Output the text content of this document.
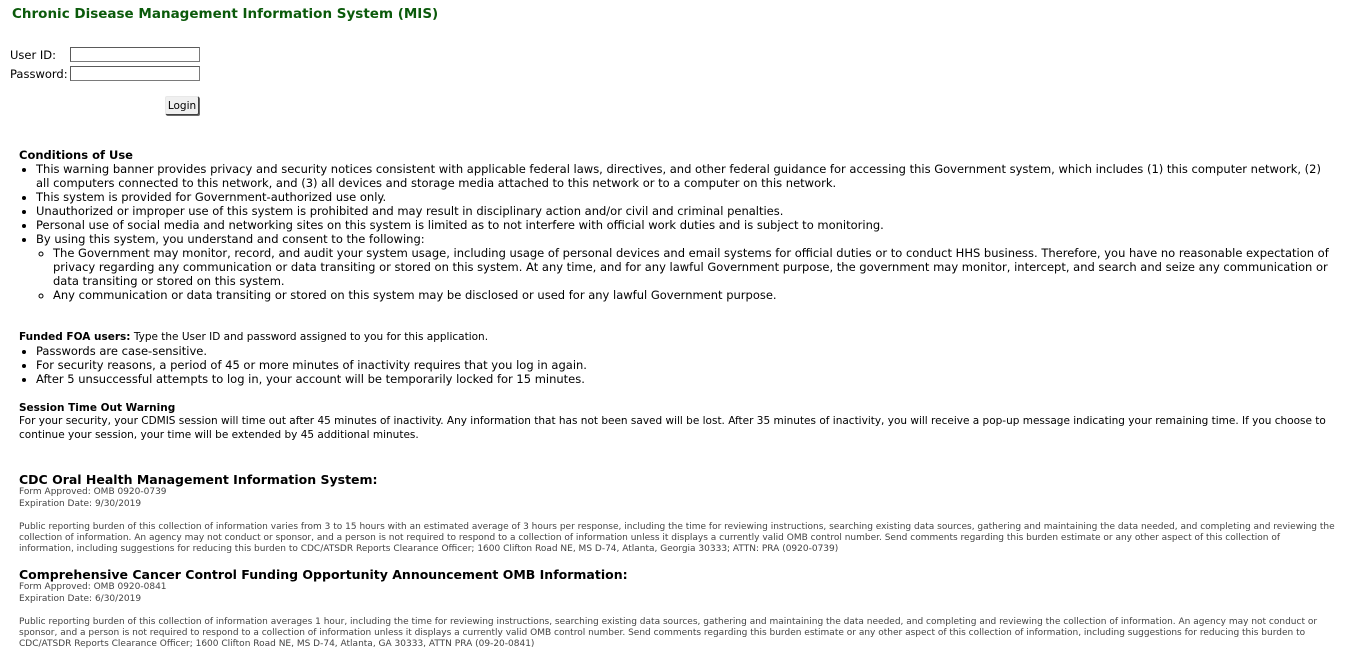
Chronic Disease Management Information System (MIS)
User ID:
Password:
Login
Conditions of Use
• This warning banner provides privacy and security notices consistent with applicable federal laws, directives, and other federal guidance for accessing this Government system, which includes (1) this computer network, (2) all computers connected to this network, and (3) all devices and storage media attached to this network or to a computer on this network.
• This system is provided for Government-authorized use only.
• Unauthorized or improper use of this system is prohibited and may result in disciplinary action and/or civil and criminal penalties.
• Personal use of social media and networking sites on this system is limited as to not interfere with official work duties and is subject to monitoring.
• By using this system, you understand and consent to the following:
◦ The Government may monitor, record, and audit your system usage, including usage of personal devices and email systems for official duties or to conduct HHS business. Therefore, you have no reasonable expectation of privacy regarding any communication or data transiting or stored on this system. At any time, and for any lawful Government purpose, the government may monitor, intercept, and search and seize any communication or data transiting or stored on this system.
◦ Any communication or data transiting or stored on this system may be disclosed or used for any lawful Government purpose.
Funded FOA users: Type the User ID and password assigned to you for this application.
• Passwords are case-sensitive.
• For security reasons, a period of 45 or more minutes of inactivity requires that you log in again.
• After 5 unsuccessful attempts to log in, your account will be temporarily locked for 15 minutes.
Session Time Out Warning
For your security, your CDMIS session will time out after 45 minutes of inactivity. Any information that has not been saved will be lost. After 35 minutes of inactivity, you will receive a pop-up message indicating your remaining time. If you choose to continue your session, your time will be extended by 45 additional minutes.
CDC Oral Health Management Information System:
Form Approved: OMB 0920-0739
Expiration Date: 9/30/2019
Public reporting burden of this collection of information varies from 3 to 15 hours with an estimated average of 3 hours per response, including the time for reviewing instructions, searching existing data sources, gathering and maintaining the data needed, and completing and reviewing the collection of information. An agency may not conduct or sponsor, and a person is not required to respond to a collection of information unless it displays a currently valid OMB control number. Send comments regarding this burden estimate or any other aspect of this collection of information, including suggestions for reducing this burden to CDC/ATSDR Reports Clearance Officer; 1600 Clifton Road NE, MS D-74, Atlanta, Georgia 30333; ATTN: PRA (0920-0739)
Comprehensive Cancer Control Funding Opportunity Announcement OMB Information:
Form Approved: OMB 0920-0841
Expiration Date: 6/30/2019
Public reporting burden of this collection of information averages 1 hour, including the time for reviewing instructions, searching existing data sources, gathering and maintaining the data needed, and completing and reviewing the collection of information. An agency may not conduct or sponsor, and a person is not required to respond to a collection of information unless it displays a currently valid OMB control number. Send comments regarding this burden estimate or any other aspect of this collection of information, including suggestions for reducing this burden to CDC/ATSDR Reports Clearance Officer; 1600 Clifton Road NE, MS D-74, Atlanta, GA 30333, ATTN PRA (09-20-0841)
